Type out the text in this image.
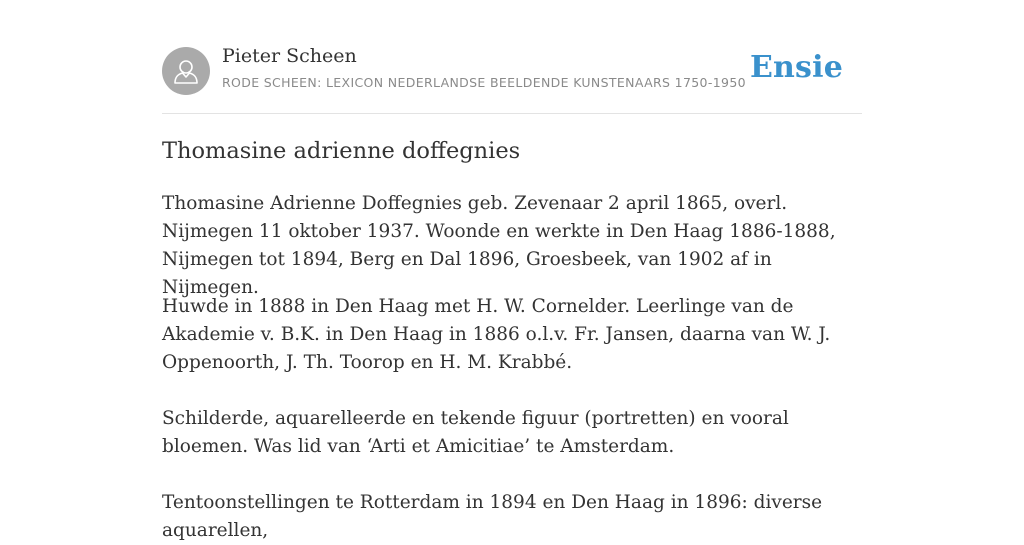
Pieter Scheen
RODE SCHEEN: LEXICON NEDERLANDSE BEELDENDE KUNSTENAARS 1750-1950 Ensie
Thomasine adrienne doffegnies

Thomasine Adrienne Doffegnies geb. Zevenaar 2 april 1865, overl. Nijmegen 11 oktober 1937. Woonde en werkte in Den Haag 1886-1888, Nijmegen tot 1894, Berg en Dal 1896, Groesbeek, van 1902 af in Nijmegen.

Huwde in 1888 in Den Haag met H. W. Cornelder. Leerlinge van de Akademie v. B.K. in Den Haag in 1886 o.l.v. Fr. Jansen, daarna van W. J. Oppenoorth, J. Th. Toorop en H. M. Krabbé.

Schilderde, aquarelleerde en tekende figuur (portretten) en vooral bloemen. Was lid van ‘Arti et Amicitiae’ te Amsterdam.

Tentoonstellingen te Rotterdam in 1894 en Den Haag in 1896: diverse aquarellen,
